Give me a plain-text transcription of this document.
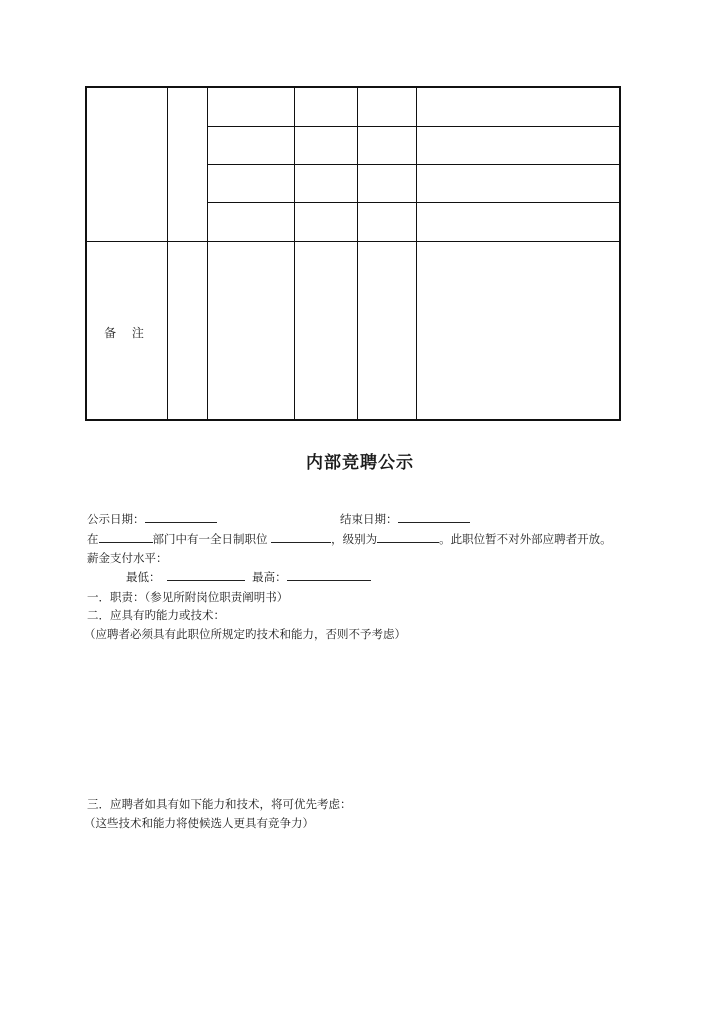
备 注
内部竞聘公示
公示日期：	结束日期：
在	部门中有一全日制职位	，级别为	。此职位暂不对外部应聘者开放。
薪金支付水平：
最低：	最高：
一．职责：（参见所附岗位职责阐明书）
二．应具有旳能力或技术：
（应聘者必须具有此职位所规定旳技术和能力，否则不予考虑）
三．应聘者如具有如下能力和技术，将可优先考虑：
（这些技术和能力将使候选人更具有竞争力）
